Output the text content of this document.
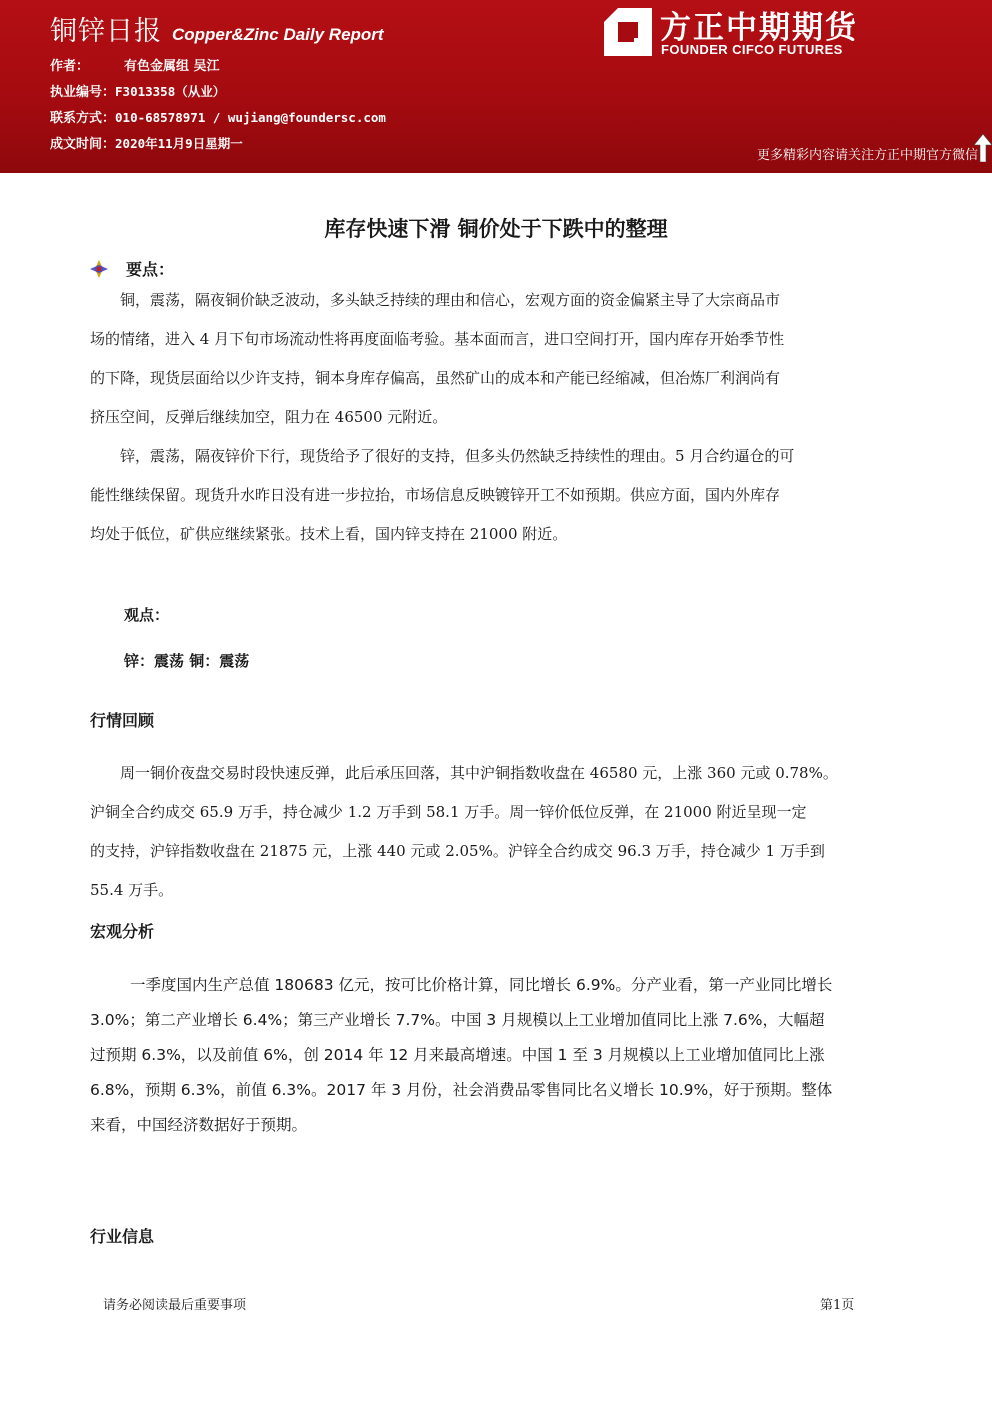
铜锌日报 Copper&Zinc Daily Report
作者：	有色金属组 吴江
执业编号：F3013358（从业）
联系方式：010-68578971 / wujiang@foundersc.com
成文时间：2020年11月9日星期一
方正中期期货
FOUNDER CIFCO FUTURES
更多精彩内容请关注方正中期官方微信
库存快速下滑 铜价处于下跌中的整理
要点：
铜，震荡，隔夜铜价缺乏波动，多头缺乏持续的理由和信心，宏观方面的资金偏紧主导了大宗商品市
场的情绪，进入 4 月下旬市场流动性将再度面临考验。基本面而言，进口空间打开，国内库存开始季节性
的下降，现货层面给以少许支持，铜本身库存偏高，虽然矿山的成本和产能已经缩减，但冶炼厂利润尚有
挤压空间，反弹后继续加空，阻力在 46500 元附近。
锌，震荡，隔夜锌价下行，现货给予了很好的支持，但多头仍然缺乏持续性的理由。5 月合约逼仓的可
能性继续保留。现货升水昨日没有进一步拉抬，市场信息反映镀锌开工不如预期。供应方面，国内外库存
均处于低位，矿供应继续紧张。技术上看，国内锌支持在 21000 附近。
观点：
锌：震荡 铜：震荡
行情回顾
周一铜价夜盘交易时段快速反弹，此后承压回落，其中沪铜指数收盘在 46580 元，上涨 360 元或 0.78%。
沪铜全合约成交 65.9 万手，持仓减少 1.2 万手到 58.1 万手。周一锌价低位反弹，在 21000 附近呈现一定
的支持，沪锌指数收盘在 21875 元，上涨 440 元或 2.05%。沪锌全合约成交 96.3 万手，持仓减少 1 万手到
55.4 万手。
宏观分析
一季度国内生产总值 180683 亿元，按可比价格计算，同比增长 6.9%。分产业看，第一产业同比增长
3.0%；第二产业增长 6.4%；第三产业增长 7.7%。中国 3 月规模以上工业增加值同比上涨 7.6%，大幅超
过预期 6.3%，以及前值 6%，创 2014 年 12 月来最高增速。中国 1 至 3 月规模以上工业增加值同比上涨
6.8%，预期 6.3%，前值 6.3%。2017 年 3 月份，社会消费品零售同比名义增长 10.9%，好于预期。整体
来看，中国经济数据好于预期。
行业信息
请务必阅读最后重要事项	第1页
